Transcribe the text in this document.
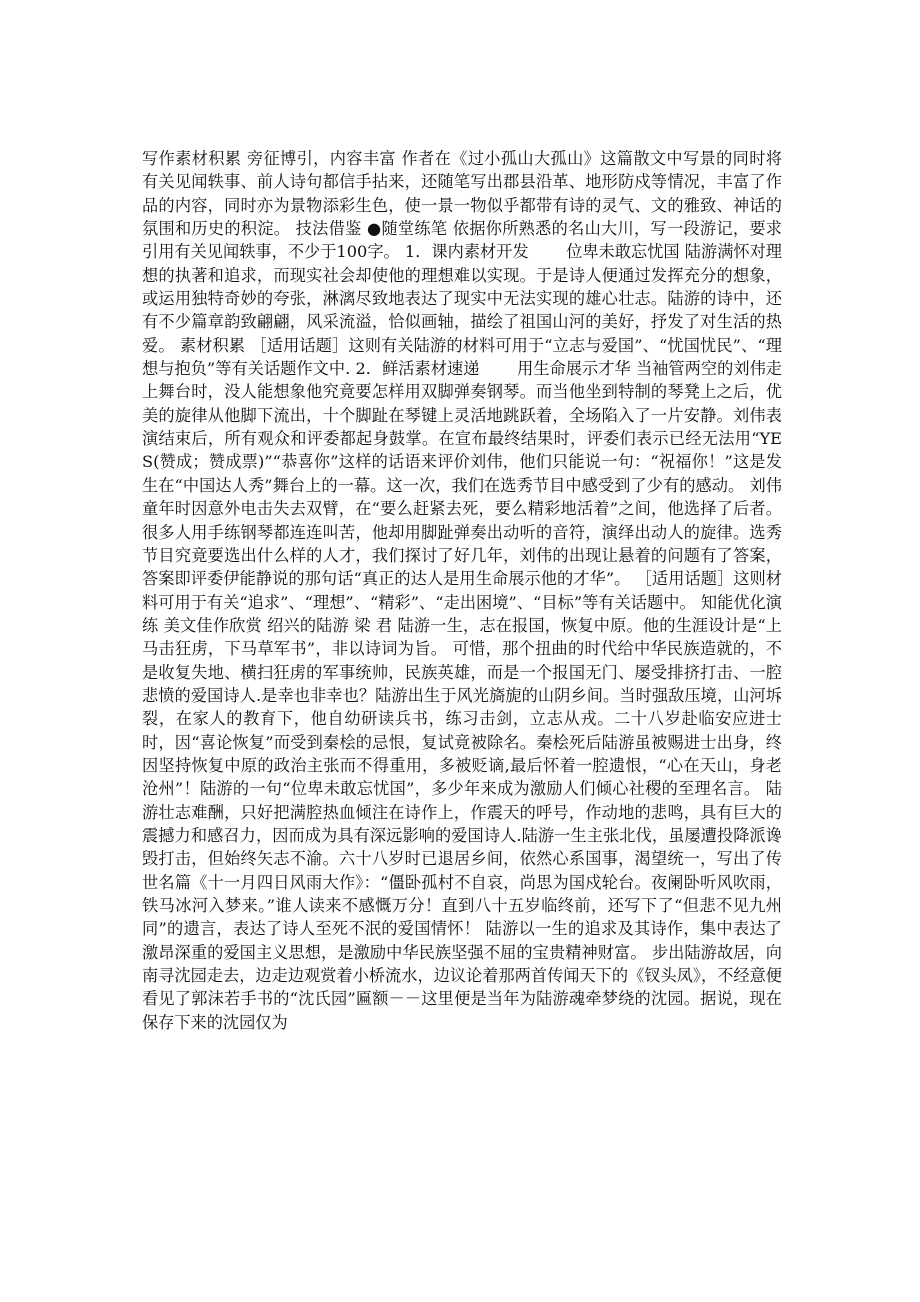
写作素材积累 旁征博引，内容丰富 作者在《过小孤山大孤山》这篇散文中写景的同时将有关见闻轶事、前人诗句都信手拈来，还随笔写出郡县沿革、地形防戍等情况，丰富了作品的内容，同时亦为景物添彩生色，使一景一物似乎都带有诗的灵气、文的雅致、神话的氛围和历史的积淀。 技法借鉴 ●随堂练笔 依据你所熟悉的名山大川，写一段游记，要求引用有关见闻轶事，不少于100字。 1．课内素材开发 　　位卑未敢忘忧国 陆游满怀对理想的执著和追求，而现实社会却使他的理想难以实现。于是诗人便通过发挥充分的想象，或运用独特奇妙的夸张，淋漓尽致地表达了现实中无法实现的雄心壮志。陆游的诗中，还有不少篇章韵致翩翩，风采流溢，恰似画轴，描绘了祖国山河的美好，抒发了对生活的热爱。 素材积累 ［适用话题］这则有关陆游的材料可用于“立志与爱国”、“忧国忧民”、“理想与抱负”等有关话题作文中. 2．鲜活素材速递 　　用生命展示才华 当袖管两空的刘伟走上舞台时，没人能想象他究竟要怎样用双脚弹奏钢琴。而当他坐到特制的琴凳上之后，优美的旋律从他脚下流出，十个脚趾在琴键上灵活地跳跃着，全场陷入了一片安静。刘伟表演结束后，所有观众和评委都起身鼓掌。在宣布最终结果时，评委们表示已经无法用“YES(赞成；赞成票)”“恭喜你”这样的话语来评价刘伟，他们只能说一句：“祝福你！”这是发生在“中国达人秀”舞台上的一幕。这一次，我们在选秀节目中感受到了少有的感动。 刘伟童年时因意外电击失去双臂，在“要么赶紧去死，要么精彩地活着”之间，他选择了后者。很多人用手练钢琴都连连叫苦，他却用脚趾弹奏出动听的音符，演绎出动人的旋律。选秀节目究竟要选出什么样的人才，我们探讨了好几年，刘伟的出现让悬着的问题有了答案，答案即评委伊能静说的那句话“真正的达人是用生命展示他的才华”。 ［适用话题］这则材料可用于有关“追求”、“理想”、“精彩”、“走出困境”、“目标”等有关话题中。 知能优化演练 美文佳作欣赏 绍兴的陆游 梁 君 陆游一生，志在报国，恢复中原。他的生涯设计是“上马击狂虏，下马草军书”，非以诗词为旨。 可惜，那个扭曲的时代给中华民族造就的，不是收复失地、横扫狂虏的军事统帅，民族英雄，而是一个报国无门、屡受排挤打击、一腔悲愤的爱国诗人.是幸也非幸也？陆游出生于风光旖旎的山阴乡间。当时强敌压境，山河坼裂，在家人的教育下，他自幼研读兵书，练习击剑，立志从戎。二十八岁赴临安应进士时，因“喜论恢复”而受到秦桧的忌恨，复试竟被除名。秦桧死后陆游虽被赐进士出身，终因坚持恢复中原的政治主张而不得重用，多被贬谪,最后怀着一腔遗恨，“心在天山，身老沧州”！陆游的一句“位卑未敢忘忧国”，多少年来成为激励人们倾心社稷的至理名言。 陆游壮志难酬，只好把满腔热血倾注在诗作上，作震天的呼号，作动地的悲鸣，具有巨大的震撼力和感召力，因而成为具有深远影响的爱国诗人.陆游一生主张北伐，虽屡遭投降派谗毁打击，但始终矢志不渝。六十八岁时已退居乡间，依然心系国事，渴望统一，写出了传世名篇《十一月四日风雨大作》：“僵卧孤村不自哀，尚思为国戍轮台。夜阑卧听风吹雨，铁马冰河入梦来。”谁人读来不感慨万分！直到八十五岁临终前，还写下了“但悲不见九州同”的遗言，表达了诗人至死不泯的爱国情怀！ 陆游以一生的追求及其诗作，集中表达了激昂深重的爱国主义思想，是激励中华民族坚强不屈的宝贵精神财富。 步出陆游故居，向南寻沈园走去，边走边观赏着小桥流水，边议论着那两首传闻天下的《钗头凤》，不经意便看见了郭沫若手书的“沈氏园”匾额－－这里便是当年为陆游魂牵梦绕的沈园。据说，现在保存下来的沈园仅为
